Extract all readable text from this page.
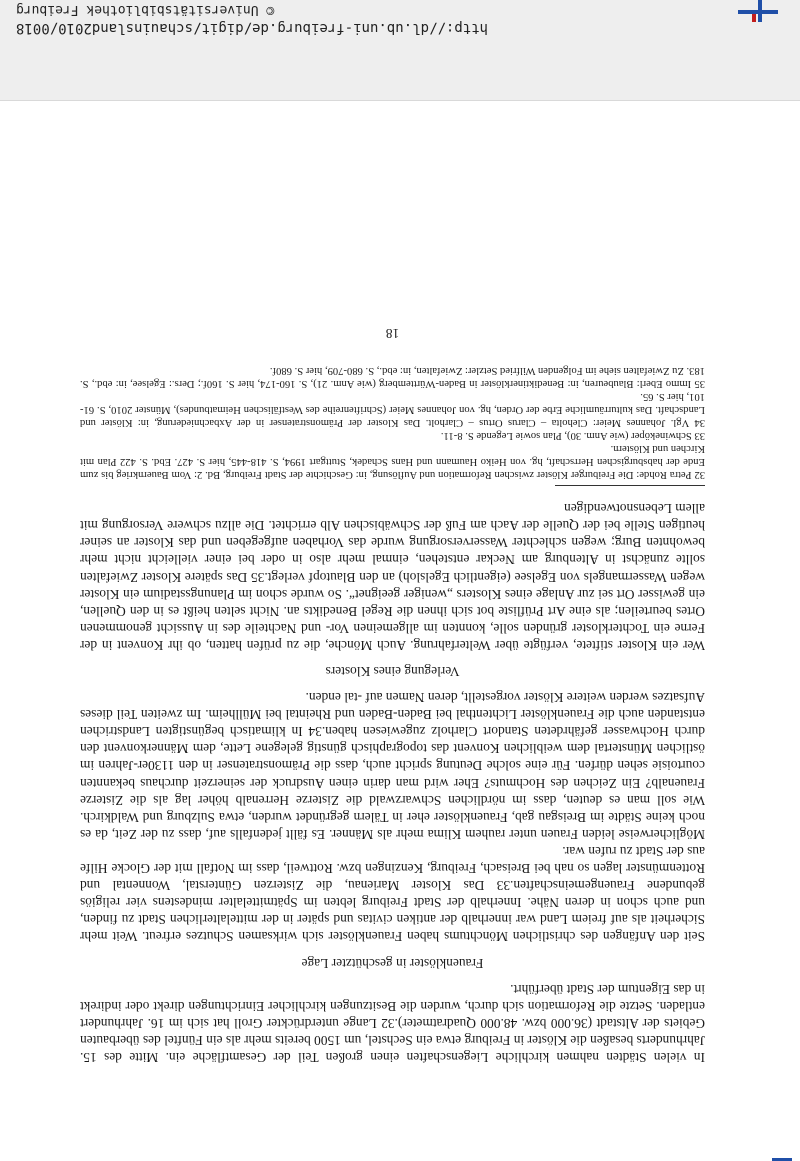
In vielen Städten nahmen kirchliche Liegenschaften einen großen Teil der Gesamtfläche ein. Mitte des 15. Jahrhunderts besaßen die Klöster in Freiburg etwa ein Sechstel, um 1500 bereits mehr als ein Fünftel des überbauten Gebiets der Altstadt (36.000 bzw. 48.000 Quadratmeter).32 Lange unterdrückter Groll hat sich im 16. Jahrhundert entladen. Setzte die Reformation sich durch, wurden die Besitzungen kirchlicher Einrichtungen direkt oder indirekt in das Eigentum der Stadt überführt.

Frauenklöster in geschützter Lage

Seit den Anfängen des christlichen Mönchtums haben Frauenklöster sich wirksamen Schutzes erfreut. Weit mehr Sicherheit als auf freiem Land war innerhalb der antiken civitas und später in der mittelalterlichen Stadt zu finden, und auch schon in deren Nähe. Innerhalb der Stadt Freiburg lebten im Spätmittelalter mindestens vier religiös gebundene Frauengemeinschaften.33 Das Kloster Marienau, die Zisterzen Günterstal, Wonnental und Rottenmünster lagen so nah bei Breisach, Freiburg, Kenzingen bzw. Rottweil, dass im Notfall mit der Glocke Hilfe aus der Stadt zu rufen war.

Möglicherweise leiden Frauen unter rauhem Klima mehr als Männer. Es fällt jedenfalls auf, dass zu der Zeit, da es noch keine Städte im Breisgau gab, Frauenklöster eher in Tälern gegründet wurden, etwa Sulzburg und Waldkirch. Wie soll man es deuten, dass im nördlichen Schwarzwald die Zisterze Herrenalb höher lag als die Zisterze Frauenalb? Ein Zeichen des Hochmuts? Eher wird man darin einen Ausdruck der seinerzeit durchaus bekannten courtoisie sehen dürfen. Für eine solche Deutung spricht auch, dass die Prämonstratenser in den 1130er-Jahren im östlichen Münstertal dem weiblichen Konvent das topographisch günstig gelegene Lette, dem Männerkonvent den durch Hochwasser gefährdeten Standort Clarholz zugewiesen haben.34 In klimatisch begünstigten Landstrichen entstanden auch die Frauenklöster Lichtenthal bei Baden-Baden und Rheintal bei Müllheim. Im zweiten Teil dieses Aufsatzes werden weitere Klöster vorgestellt, deren Namen auf -tal enden.

Verlegung eines Klosters

Wer ein Kloster stiftete, verfügte über Welterfahrung. Auch Mönche, die zu prüfen hatten, ob ihr Konvent in der Ferne ein Tochterkloster gründen solle, konnten im allgemeinen Vor- und Nachteile des in Aussicht genommenen Ortes beurteilen; als eine Art Prüfliste bot sich ihnen die Regel Benedikts an. Nicht selten heißt es in den Quellen, ein gewisser Ort sei zur Anlage eines Klosters „weniger geeignet“. So wurde schon im Planungsstadium ein Kloster wegen Wassermangels von Egelsee (eigentlich Egelsloh) an den Blautopf verlegt.35 Das spätere Kloster Zwiefalten sollte zunächst in Altenburg am Neckar entstehen, einmal mehr also in oder bei einer vielleicht nicht mehr bewohnten Burg; wegen schlechter Wasserversorgung wurde das Vorhaben aufgegeben und das Kloster an seiner heutigen Stelle bei der Quelle der Aach am Fuß der Schwäbischen Alb errichtet. Die allzu schwere Versorgung mit allem Lebensnotwendigen

32 Petra Rohde: Die Freiburger Klöster zwischen Reformation und Auflösung, in: Geschichte der Stadt Freiburg, Bd. 2: Vom Bauernkrieg bis zum Ende der habsburgischen Herrschaft, hg. von Heiko Haumann und Hans Schadek, Stuttgart 1994, S. 418-445, hier S. 427. Ebd. S. 422 Plan mit Kirchen und Klöstern.

33 Schwineköper (wie Anm. 30), Plan sowie Legende S. 8-11.

34 Vgl. Johannes Meier: Cleholta – Clarus Ortus – Clarholt. Das Kloster der Prämonstratenser in der Axbachniederung, in: Klöster und Landschaft. Das kulturräumliche Erbe der Orden, hg. von Johannes Meier (Schriftenreihe des Westfälischen Heimatbundes), Münster 2010, S. 61-101, hier S. 65.

35 Immo Eberl: Blaubeuren, in: Benediktinerklöster in Baden-Württemberg (wie Anm. 21), S. 160-174, hier S. 160f.; Ders.: Egelsee, in: ebd., S. 183. Zu Zwiefalten siehe im Folgenden Wilfried Setzler: Zwiefalten, in: ebd., S. 680-709, hier S. 680f.

18
http://dl.ub.uni-freiburg.de/digit/schauinsland2010/0018
© Universitätsbibliothek Freiburg
